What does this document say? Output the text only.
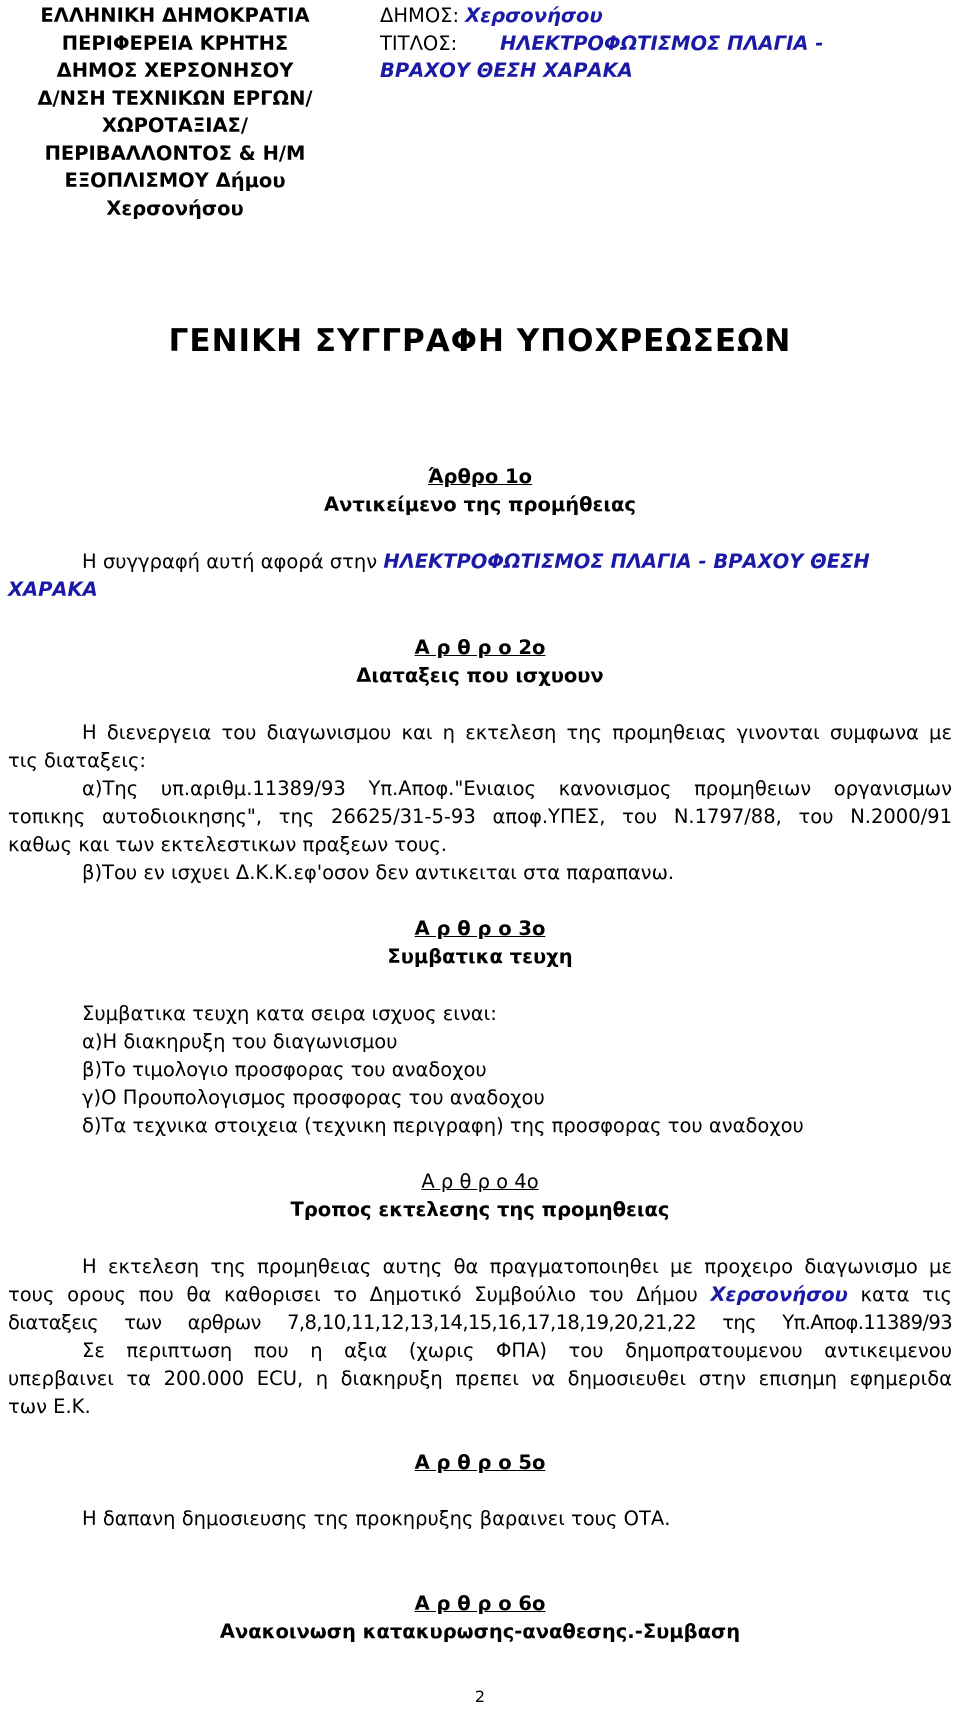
ΕΛΛΗΝΙΚΗ ΔΗΜΟΚΡΑΤΙΑ
ΠΕΡΙΦΕΡΕΙΑ ΚΡΗΤΗΣ
ΔΗΜΟΣ ΧΕΡΣΟΝΗΣΟΥ
Δ/ΝΣΗ ΤΕΧΝΙΚΩΝ ΕΡΓΩΝ/
ΧΩΡΟΤΑΞΙΑΣ/
ΠΕΡΙΒΑΛΛΟΝΤΟΣ & Η/Μ
ΕΞΟΠΛΙΣΜΟΥ Δήμου
Χερσονήσου
ΔΗΜΟΣ: Χερσονήσου
ΤΙΤΛΟΣ:ΗΛΕΚΤΡΟΦΩΤΙΣΜΟΣ ΠΛΑΓΙΑ -
ΒΡΑΧΟΥ ΘΕΣΗ ΧΑΡΑΚΑ
ΓΕΝΙΚΗ ΣΥΓΓΡΑΦΗ ΥΠΟΧΡΕΩΣΕΩΝ
Άρθρο 1ο
Αντικείμενο της προμήθειας
Η συγγραφή αυτή αφορά στην ΗΛΕΚΤΡΟΦΩΤΙΣΜΟΣ ΠΛΑΓΙΑ - ΒΡΑΧΟΥ ΘΕΣΗ
ΧΑΡΑΚΑ
Α ρ θ ρ ο 2ο
Διαταξεις που ισχυουν
Η διενεργεια του διαγωνισμου και η εκτελεση της προμηθειας γινονται συμφωνα με
τις διαταξεις:
α)Της υπ.αριθμ.11389/93 Υπ.Αποφ."Ενιαιος κανονισμος προμηθειων οργανισμων
τοπικης αυτοδιοικησης", της 26625/31-5-93 αποφ.ΥΠΕΣ, του Ν.1797/88, του Ν.2000/91
καθως και των εκτελεστικων πραξεων τους.
β)Του εν ισχυει Δ.Κ.Κ.εφ'οσον δεν αντικειται στα παραπανω.
Α ρ θ ρ ο 3ο
Συμβατικα τευχη
Συμβατικα τευχη κατα σειρα ισχυος ειναι:
α)Η διακηρυξη του διαγωνισμου
β)Το τιμολογιο προσφορας του αναδοχου
γ)Ο Προυπολογισμος προσφορας του αναδοχου
δ)Τα τεχνικα στοιχεια (τεχνικη περιγραφη) της προσφορας του αναδοχου
Α ρ θ ρ ο 4ο
Τροπος εκτελεσης της προμηθειας
Η εκτελεση της προμηθειας αυτης θα πραγματοποιηθει με προχειρο διαγωνισμο με
τους ορους που θα καθορισει το Δημοτικό Συμβούλιο του Δήμου Χερσονήσου κατα τις
διαταξεις των αρθρων 7,8,10,11,12,13,14,15,16,17,18,19,20,21,22 της Υπ.Αποφ.11389/93
Σε περιπτωση που η αξια (χωρις ΦΠΑ) του δημοπρατουμενου αντικειμενου
υπερβαινει τα 200.000 ECU, η διακηρυξη πρεπει να δημοσιευθει στην επισημη εφημεριδα
των Ε.Κ.
Α ρ θ ρ ο 5ο
Η δαπανη δημοσιευσης της προκηρυξης βαραινει τους ΟΤΑ.
Α ρ θ ρ ο 6ο
Ανακοινωση κατακυρωσης-αναθεσης.-Συμβαση
2
